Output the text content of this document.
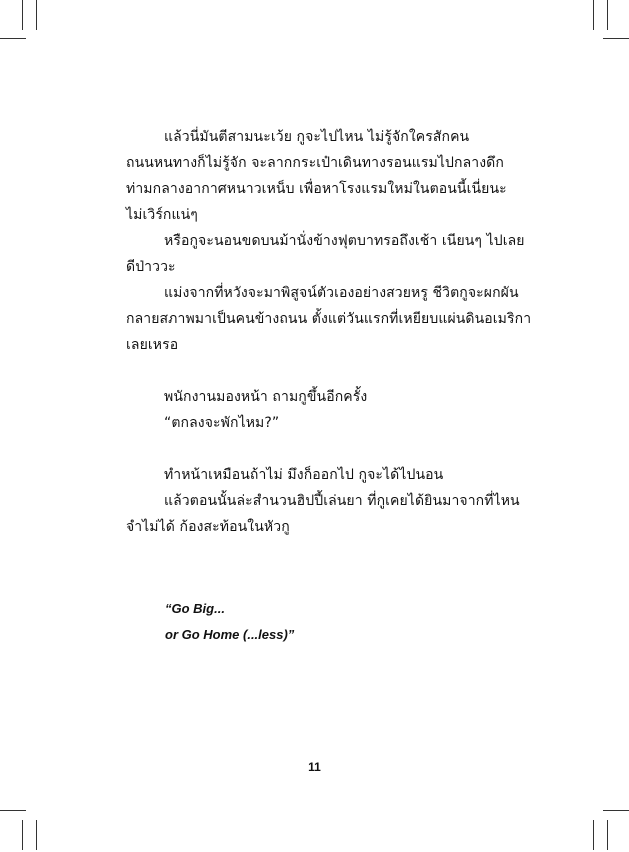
แล้วนี่มันตีสามนะเว้ย กูจะไปไหน ไม่รู้จักใครสักคน
ถนนหนทางก็ไม่รู้จัก จะลากกระเป๋าเดินทางรอนแรมไปกลางดึก
ท่ามกลางอากาศหนาวเหน็บ เพื่อหาโรงแรมใหม่ในตอนนี้เนี่ยนะ
ไม่เวิร์กแน่ๆ
หรือกูจะนอนขดบนม้านั่งข้างฟุตบาทรอถึงเช้า เนียนๆ ไปเลย
ดีป่าววะ
แม่งจากที่หวังจะมาพิสูจน์ตัวเองอย่างสวยหรู ชีวิตกูจะผกผัน
กลายสภาพมาเป็นคนข้างถนน ตั้งแต่วันแรกที่เหยียบแผ่นดินอเมริกา
เลยเหรอ
พนักงานมองหน้า ถามกูขึ้นอีกครั้ง
“ตกลงจะพักไหม?”
ทำหน้าเหมือนถ้าไม่ มึงก็ออกไป กูจะได้ไปนอน
แล้วตอนนั้นล่ะสำนวนฮิปปี้เล่นยา ที่กูเคยได้ยินมาจากที่ไหน
จำไม่ได้ ก้องสะท้อนในหัวกู
“Go Big...
or Go Home (...less)”
11
